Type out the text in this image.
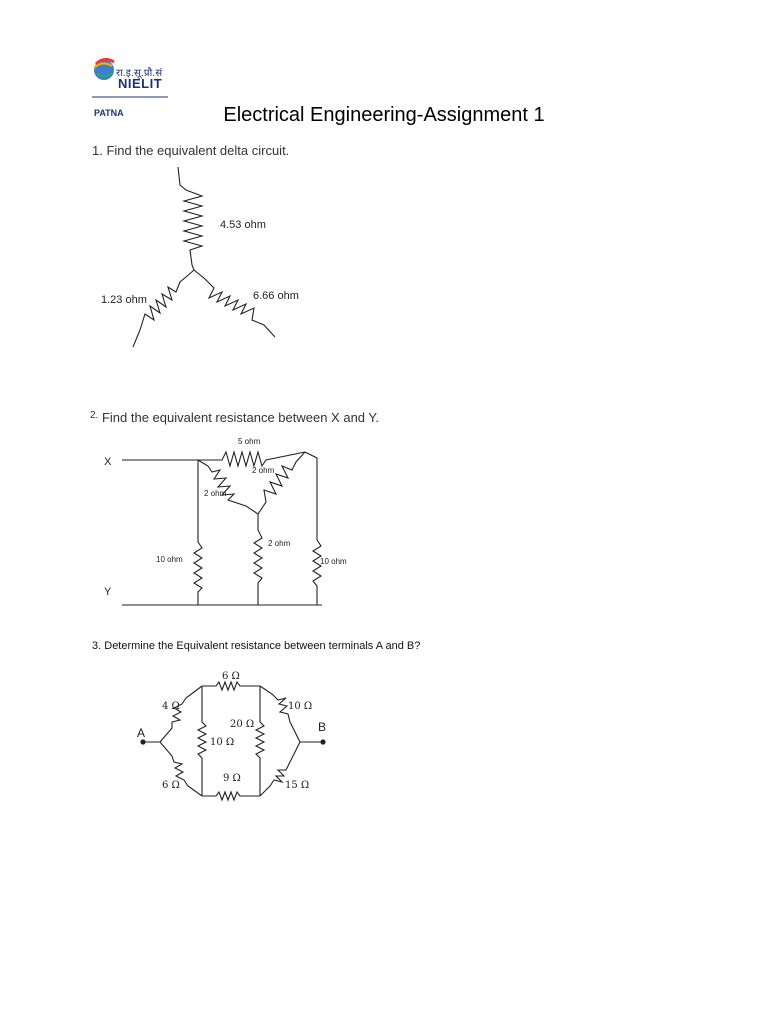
रा.इ.सू.प्रौ.सं
NIELIT
PATNA	Electrical Engineering-Assignment 1
1. Find the equivalent delta circuit.
$^{2.}$ Find the equivalent resistance between X and Y.
3. Determine the Equivalent resistance between terminals A and B?
4.53 ohm
1.23 ohm	6.66 ohm
X
Y
5 ohm
2 ohm
2 ohm
2 ohm
10 ohm	10 ohm
A	B
6 Ω
4 Ω	10 Ω
20 Ω
10 Ω
6 Ω
9 Ω
15 Ω
